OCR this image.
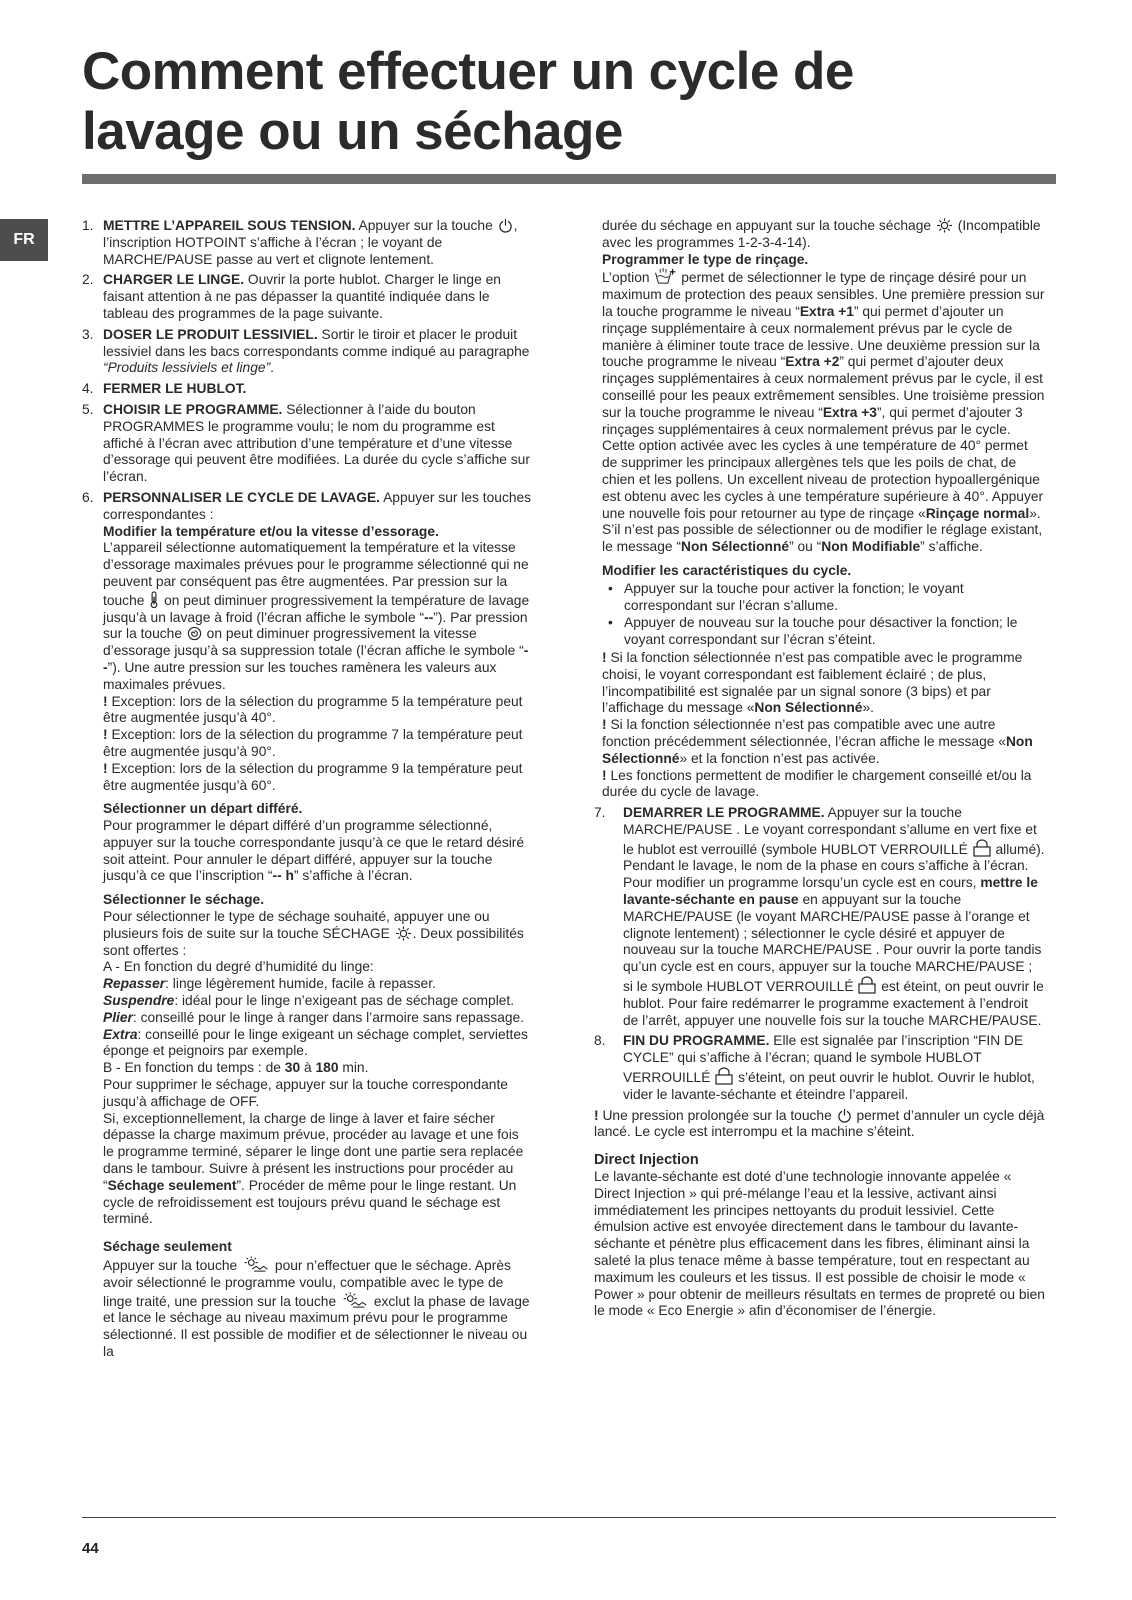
Comment effectuer un cycle de
lavage ou un séchage
FR
1. METTRE L’APPAREIL SOUS TENSION. Appuyer sur la touche
, l’inscription HOTPOINT s’affiche à l’écran ; le voyant de MARCHE/PAUSE passe au vert et clignote lentement.
2. CHARGER LE LINGE. Ouvrir la porte hublot. Charger le linge en faisant attention à ne pas dépasser la quantité indiquée dans le tableau des programmes de la page suivante.
3. DOSER LE PRODUIT LESSIVIEL. Sortir le tiroir et placer le produit lessiviel dans les bacs correspondants comme indiqué au paragraphe “Produits lessiviels et linge”.
4. FERMER LE HUBLOT.
5. CHOISIR LE PROGRAMME. Sélectionner à l’aide du bouton PROGRAMMES le programme voulu; le nom du programme est affiché à l’écran avec attribution d’une température et d’une vitesse d’essorage qui peuvent être modifiées. La durée du cycle s’affiche sur l’écran.
6. PERSONNALISER LE CYCLE DE LAVAGE. Appuyer sur les touches correspondantes :

Modifier la température et/ou la vitesse d’essorage.

L’appareil sélectionne automatiquement la température et la vitesse d’essorage maximales prévues pour le programme sélectionné qui ne peuvent par conséquent pas être augmentées. Par pression sur la touche
on peut diminuer progressivement la température de lavage jusqu’à un lavage à froid (l’écran affiche le symbole “--”). Par pression sur la touche
on peut diminuer progressivement la vitesse d’essorage jusqu’à sa suppression totale (l’écran affiche le symbole “--”). Une autre pression sur les touches ramènera les valeurs aux maximales prévues.

! Exception: lors de la sélection du programme 5 la température peut être augmentée jusqu’à 40°.

! Exception: lors de la sélection du programme 7 la température peut être augmentée jusqu’à 90°.

! Exception: lors de la sélection du programme 9 la température peut être augmentée jusqu’à 60°.

Sélectionner un départ différé.

Pour programmer le départ différé d’un programme sélectionné, appuyer sur la touche correspondante jusqu’à ce que le retard désiré soit atteint. Pour annuler le départ différé, appuyer sur la touche jusqu’à ce que l’inscription “-- h” s’affiche à l’écran.

Sélectionner le séchage.

Pour sélectionner le type de séchage souhaité, appuyer une ou plusieurs fois de suite sur la touche SÉCHAGE
. Deux possibilités sont offertes :

A - En fonction du degré d’humidité du linge:

Repasser: linge légèrement humide, facile à repasser.

Suspendre: idéal pour le linge n’exigeant pas de séchage complet.

Plier: conseillé pour le linge à ranger dans l’armoire sans repassage.

Extra: conseillé pour le linge exigeant un séchage complet, serviettes éponge et peignoirs par exemple.

B - En fonction du temps : de 30 à 180 min.

Pour supprimer le séchage, appuyer sur la touche correspondante jusqu’à affichage de OFF.

Si, exceptionnellement, la charge de linge à laver et faire sécher dépasse la charge maximum prévue, procéder au lavage et une fois le programme terminé, séparer le linge dont une partie sera replacée dans le tambour. Suivre à présent les instructions pour procéder au “Séchage seulement”. Procéder de même pour le linge restant. Un cycle de refroidissement est toujours prévu quand le séchage est terminé.

Séchage seulement

Appuyer sur la touche
pour n’effectuer que le séchage. Après avoir sélectionné le programme voulu, compatible avec le type de linge traité, une pression sur la touche
exclut la phase de lavage et lance le séchage au niveau maximum prévu pour le programme sélectionné. Il est possible de modifier et de sélectionner le niveau ou la

durée du séchage en appuyant sur la touche séchage
(Incompatible avec les programmes 1-2-3-4-14).

Programmer le type de rinçage.

L’option
permet de sélectionner le type de rinçage désiré pour un maximum de protection des peaux sensibles. Une première pression sur la touche programme le niveau “Extra +1” qui permet d’ajouter un rinçage supplémentaire à ceux normalement prévus par le cycle de manière à éliminer toute trace de lessive. Une deuxième pression sur la touche programme le niveau “Extra +2” qui permet d’ajouter deux rinçages supplémentaires à ceux normalement prévus par le cycle, il est conseillé pour les peaux extrêmement sensibles. Une troisième pression sur la touche programme le niveau “Extra +3”, qui permet d’ajouter 3 rinçages supplémentaires à ceux normalement prévus par le cycle. Cette option activée avec les cycles à une température de 40° permet de supprimer les principaux allergènes tels que les poils de chat, de chien et les pollens. Un excellent niveau de protection hypoallergénique est obtenu avec les cycles à une température supérieure à 40°. Appuyer une nouvelle fois pour retourner au type de rinçage «Rinçage normal». S’il n’est pas possible de sélectionner ou de modifier le réglage existant, le message “Non Sélectionné” ou “Non Modifiable” s’affiche.

Modifier les caractéristiques du cycle.

• Appuyer sur la touche pour activer la fonction; le voyant correspondant sur l’écran s’allume.
• Appuyer de nouveau sur la touche pour désactiver la fonction; le voyant correspondant sur l’écran s’éteint.

! Si la fonction sélectionnée n’est pas compatible avec le programme choisi, le voyant correspondant est faiblement éclairé ; de plus, l’incompatibilité est signalée par un signal sonore (3 bips) et par l’affichage du message «Non Sélectionné».

! Si la fonction sélectionnée n’est pas compatible avec une autre fonction précédemment sélectionnée, l’écran affiche le message «Non Sélectionné» et la fonction n’est pas activée.

! Les fonctions permettent de modifier le chargement conseillé et/ou la durée du cycle de lavage.

7.	DEMARRER LE PROGRAMME. Appuyer sur la touche MARCHE/PAUSE . Le voyant correspondant s’allume en vert fixe et le hublot est verrouillé (symbole HUBLOT VERROUILLÉ
allumé). Pendant le lavage, le nom de la phase en cours s’affiche à l’écran. Pour modifier un programme lorsqu’un cycle est en cours, mettre le lavante-séchante en pause en appuyant sur la touche MARCHE/PAUSE (le voyant MARCHE/PAUSE passe à l’orange et clignote lentement) ; sélectionner le cycle désiré et appuyer de nouveau sur la touche MARCHE/PAUSE . Pour ouvrir la porte tandis qu’un cycle est en cours, appuyer sur la touche MARCHE/PAUSE ; si le symbole HUBLOT VERROUILLÉ
est éteint, on peut ouvrir le hublot. Pour faire redémarrer le programme exactement à l’endroit de l’arrêt, appuyer une nouvelle fois sur la touche MARCHE/PAUSE.
8.	FIN DU PROGRAMME. Elle est signalée par l’inscription “FIN DE CYCLE” qui s’affiche à l’écran; quand le symbole HUBLOT VERROUILLÉ
s’éteint, on peut ouvrir le hublot. Ouvrir le hublot, vider le lavante-séchante et éteindre l’appareil.

! Une pression prolongée sur la touche
permet d’annuler un cycle déjà lancé. Le cycle est interrompu et la machine s’éteint.

Direct Injection

Le lavante-séchante est doté d’une technologie innovante appelée « Direct Injection » qui pré-mélange l’eau et la lessive, activant ainsi immédiatement les principes nettoyants du produit lessiviel. Cette émulsion active est envoyée directement dans le tambour du lavante-séchante et pénètre plus efficacement dans les fibres, éliminant ainsi la saleté la plus tenace même à basse température, tout en respectant au maximum les couleurs et les tissus. Il est possible de choisir le mode « Power » pour obtenir de meilleurs résultats en termes de propreté ou bien le mode « Eco Energie » afin d’économiser de l’énergie.

44
